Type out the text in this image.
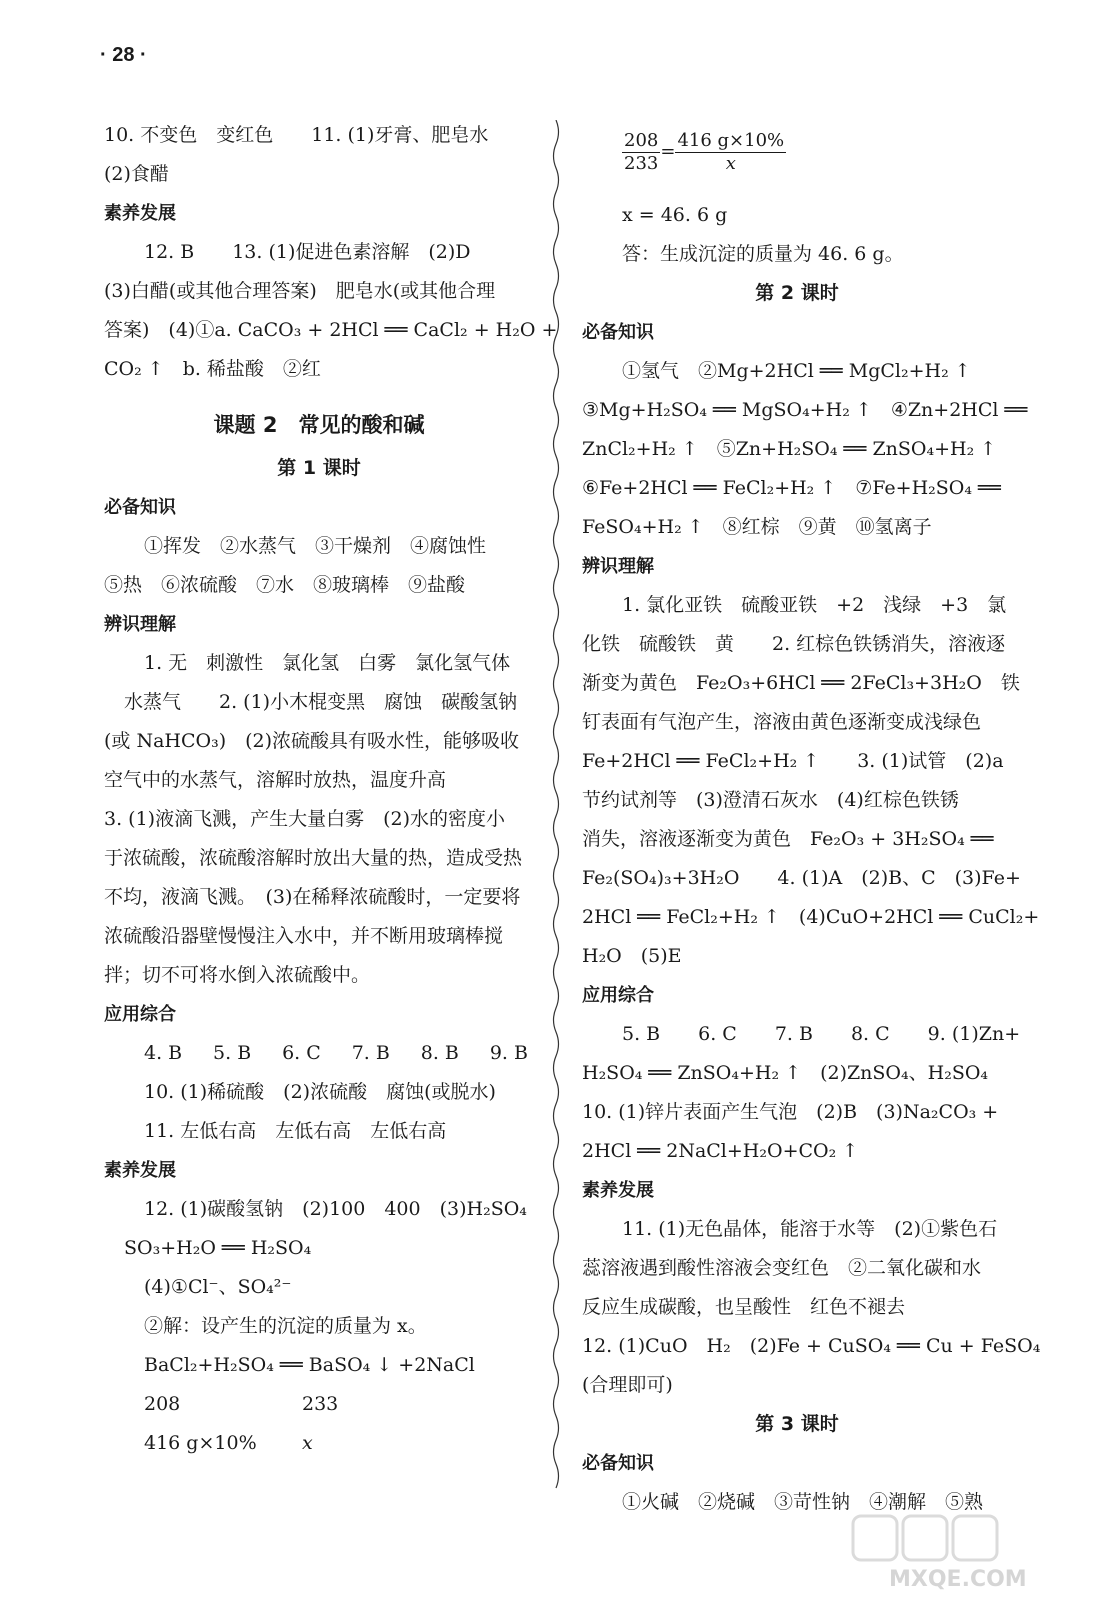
· 28 ·
10. 不变色　变红色　　11. (1)牙膏、肥皂水
(2)食醋
素养发展
12. B　　13. (1)促进色素溶解　(2)D
(3)白醋(或其他合理答案)　肥皂水(或其他合理
答案)　(4)①a. CaCO₃ + 2HCl ══ CaCl₂ + H₂O +
CO₂ ↑　b. 稀盐酸　②红
课题 2　常见的酸和碱
第 1 课时
必备知识
①挥发　②水蒸气　③干燥剂　④腐蚀性
⑤热　⑥浓硫酸　⑦水　⑧玻璃棒　⑨盐酸
辨识理解
1. 无　刺激性　氯化氢　白雾　氯化氢气体
水蒸气　　2. (1)小木棍变黑　腐蚀　碳酸氢钠
(或 NaHCO₃)　(2)浓硫酸具有吸水性，能够吸收
空气中的水蒸气，溶解时放热，温度升高
3. (1)液滴飞溅，产生大量白雾　(2)水的密度小
于浓硫酸，浓硫酸溶解时放出大量的热，造成受热
不均，液滴飞溅。　(3)在稀释浓硫酸时，一定要将
浓硫酸沿器壁慢慢注入水中，并不断用玻璃棒搅
拌；切不可将水倒入浓硫酸中。
应用综合
4. B 5. B 6. C 7. B 8. B 9. B
10. (1)稀硫酸　(2)浓硫酸　腐蚀(或脱水)
11. 左低右高　左低右高　左低右高
素养发展
12. (1)碳酸氢钠　(2)100　400　(3)H₂SO₄
SO₃+H₂O ══ H₂SO₄
(4)①Cl⁻、SO₄²⁻
②解：设产生的沉淀的质量为 x。
BaCl₂+H₂SO₄ ══ BaSO₄ ↓ +2NaCl
208	233
416 g×10%	x
$\frac{208}{233} = \frac{416 g\times 10\%}{x}$
x = 46. 6 g
答：生成沉淀的质量为 46. 6 g。
第 2 课时
必备知识
①氢气　②Mg+2HCl ══ MgCl₂+H₂ ↑
③Mg+H₂SO₄ ══ MgSO₄+H₂ ↑　④Zn+2HCl ══
ZnCl₂+H₂ ↑　⑤Zn+H₂SO₄ ══ ZnSO₄+H₂ ↑
⑥Fe+2HCl ══ FeCl₂+H₂ ↑　⑦Fe+H₂SO₄ ══
FeSO₄+H₂ ↑　⑧红棕　⑨黄　⑩氢离子
辨识理解
1. 氯化亚铁　硫酸亚铁　+2　浅绿　+3　氯
化铁　硫酸铁　黄　　2. 红棕色铁锈消失，溶液逐
渐变为黄色　Fe₂O₃+6HCl ══ 2FeCl₃+3H₂O　铁
钉表面有气泡产生，溶液由黄色逐渐变成浅绿色
Fe+2HCl ══ FeCl₂+H₂ ↑　　3. (1)试管　(2)a
节约试剂等　(3)澄清石灰水　(4)红棕色铁锈
消失，溶液逐渐变为黄色　Fe₂O₃ + 3H₂SO₄ ══
Fe₂(SO₄)₃+3H₂O　　4. (1)A　(2)B、C　(3)Fe+
2HCl ══ FeCl₂+H₂ ↑　(4)CuO+2HCl ══ CuCl₂+
H₂O　(5)E
应用综合
5. B　　6. C　　7. B　　8. C　　9. (1)Zn+
H₂SO₄ ══ ZnSO₄+H₂ ↑　(2)ZnSO₄、H₂SO₄
10. (1)锌片表面产生气泡　(2)B　(3)Na₂CO₃ +
2HCl ══ 2NaCl+H₂O+CO₂ ↑
素养发展
11. (1)无色晶体，能溶于水等　(2)①紫色石
蕊溶液遇到酸性溶液会变红色　②二氧化碳和水
反应生成碳酸，也呈酸性　红色不褪去
12. (1)CuO　H₂　(2)Fe + CuSO₄ ══ Cu + FeSO₄
(合理即可)
第 3 课时
必备知识
①火碱　②烧碱　③苛性钠　④潮解　⑤熟
MXQE.COM
